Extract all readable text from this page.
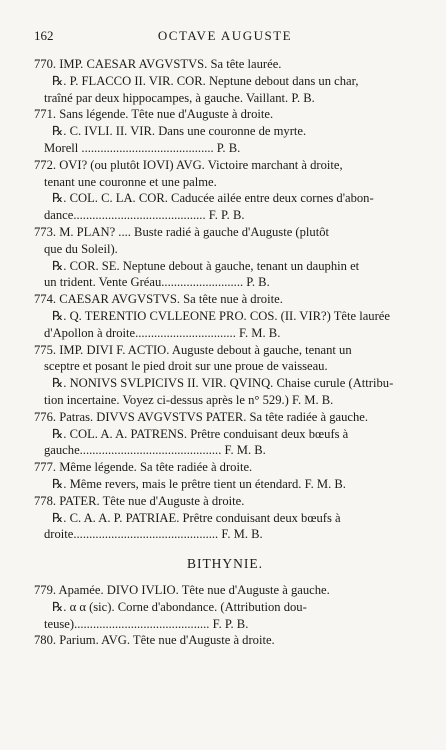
162	OCTAVE AUGUSTE
770. IMP. CAESAR AVGVSTVS. Sa tête laurée.
℞. P. FLACCO II. VIR. COR. Neptune debout dans un char,
traîné par deux hippocampes, à gauche. Vaillant. P. B.
771. Sans légende. Tête nue d'Auguste à droite.
℞. C. IVLI. II. VIR. Dans une couronne de myrte.
Morell .......................................... P. B.
772. OVI? (ou plutôt IOVI) AVG. Victoire marchant à droite,
tenant une couronne et une palme.
℞. COL. C. LA. COR. Caducée ailée entre deux cornes d'abon-
dance.......................................... F. P. B.
773. M. PLAN? .... Buste radié à gauche d'Auguste (plutôt
que du Soleil).
℞. COR. SE. Neptune debout à gauche, tenant un dauphin et
un trident. Vente Gréau.......................... P. B.
774. CAESAR AVGVSTVS. Sa tête nue à droite.
℞. Q. TERENTIO CVLLEONE PRO. COS. (II. VIR?) Tête laurée
d'Apollon à droite................................ F. M. B.
775. IMP. DIVI F. ACTIO. Auguste debout à gauche, tenant un
sceptre et posant le pied droit sur une proue de vaisseau.
℞. NONIVS SVLPICIVS II. VIR. QVINQ. Chaise curule (Attribu-
tion incertaine. Voyez ci-dessus après le n° 529.) F. M. B.
776. Patras. DIVVS AVGVSTVS PATER. Sa tête radiée à gauche.
℞. COL. A. A. PATRENS. Prêtre conduisant deux bœufs à
gauche............................................. F. M. B.
777. Même légende. Sa tête radiée à droite.
℞. Même revers, mais le prêtre tient un étendard. F. M. B.
778. PATER. Tête nue d'Auguste à droite.
℞. C. A. A. P. PATRIAE. Prêtre conduisant deux bœufs à
droite.............................................. F. M. B.
BITHYNIE.
779. Apamée. DIVO IVLIO. Tête nue d'Auguste à gauche.
℞. α α (sic). Corne d'abondance. (Attribution dou-
teuse)........................................... F. P. B.
780. Parium. AVG. Tête nue d'Auguste à droite.
